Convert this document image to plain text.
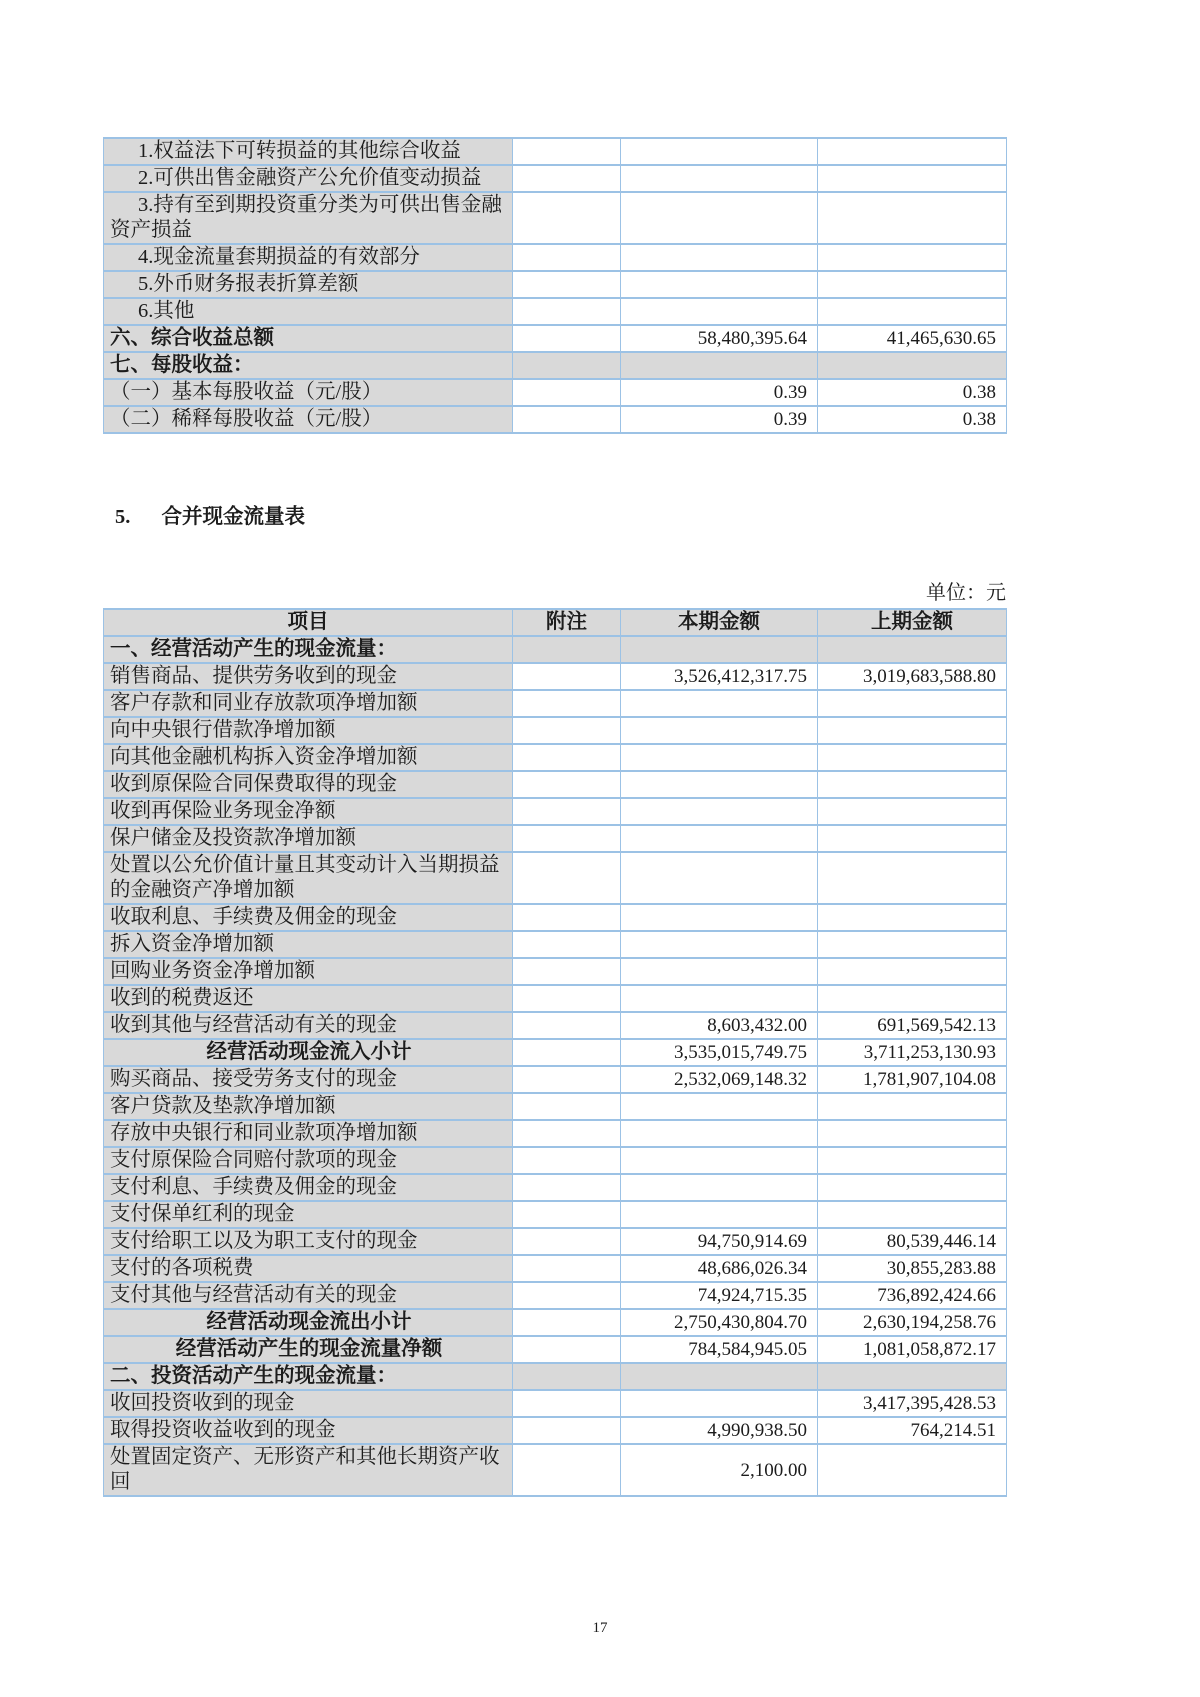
1.权益法下可转损益的其他综合收益			
2.可供出售金融资产公允价值变动损益			
3.持有至到期投资重分类为可供出售金融资产损益			
4.现金流量套期损益的有效部分			
5.外币财务报表折算差额			
6.其他			
六、综合收益总额		58,480,395.64	41,465,630.65
七、每股收益：			
（一）基本每股收益（元/股）		0.39	0.38
（二）稀释每股收益（元/股）		0.39	0.38
5. 合并现金流量表
单位：元
项目	附注	本期金额	上期金额
一、经营活动产生的现金流量：			
销售商品、提供劳务收到的现金		3,526,412,317.75	3,019,683,588.80
客户存款和同业存放款项净增加额			
向中央银行借款净增加额			
向其他金融机构拆入资金净增加额			
收到原保险合同保费取得的现金			
收到再保险业务现金净额			
保户储金及投资款净增加额			
处置以公允价值计量且其变动计入当期损益的金融资产净增加额			
收取利息、手续费及佣金的现金			
拆入资金净增加额			
回购业务资金净增加额			
收到的税费返还			
收到其他与经营活动有关的现金		8,603,432.00	691,569,542.13
经营活动现金流入小计		3,535,015,749.75	3,711,253,130.93
购买商品、接受劳务支付的现金		2,532,069,148.32	1,781,907,104.08
客户贷款及垫款净增加额			
存放中央银行和同业款项净增加额			
支付原保险合同赔付款项的现金			
支付利息、手续费及佣金的现金			
支付保单红利的现金			
支付给职工以及为职工支付的现金		94,750,914.69	80,539,446.14
支付的各项税费		48,686,026.34	30,855,283.88
支付其他与经营活动有关的现金		74,924,715.35	736,892,424.66
经营活动现金流出小计		2,750,430,804.70	2,630,194,258.76
经营活动产生的现金流量净额		784,584,945.05	1,081,058,872.17
二、投资活动产生的现金流量：			
收回投资收到的现金			3,417,395,428.53
取得投资收益收到的现金		4,990,938.50	764,214.51
处置固定资产、无形资产和其他长期资产收回		2,100.00	
17
